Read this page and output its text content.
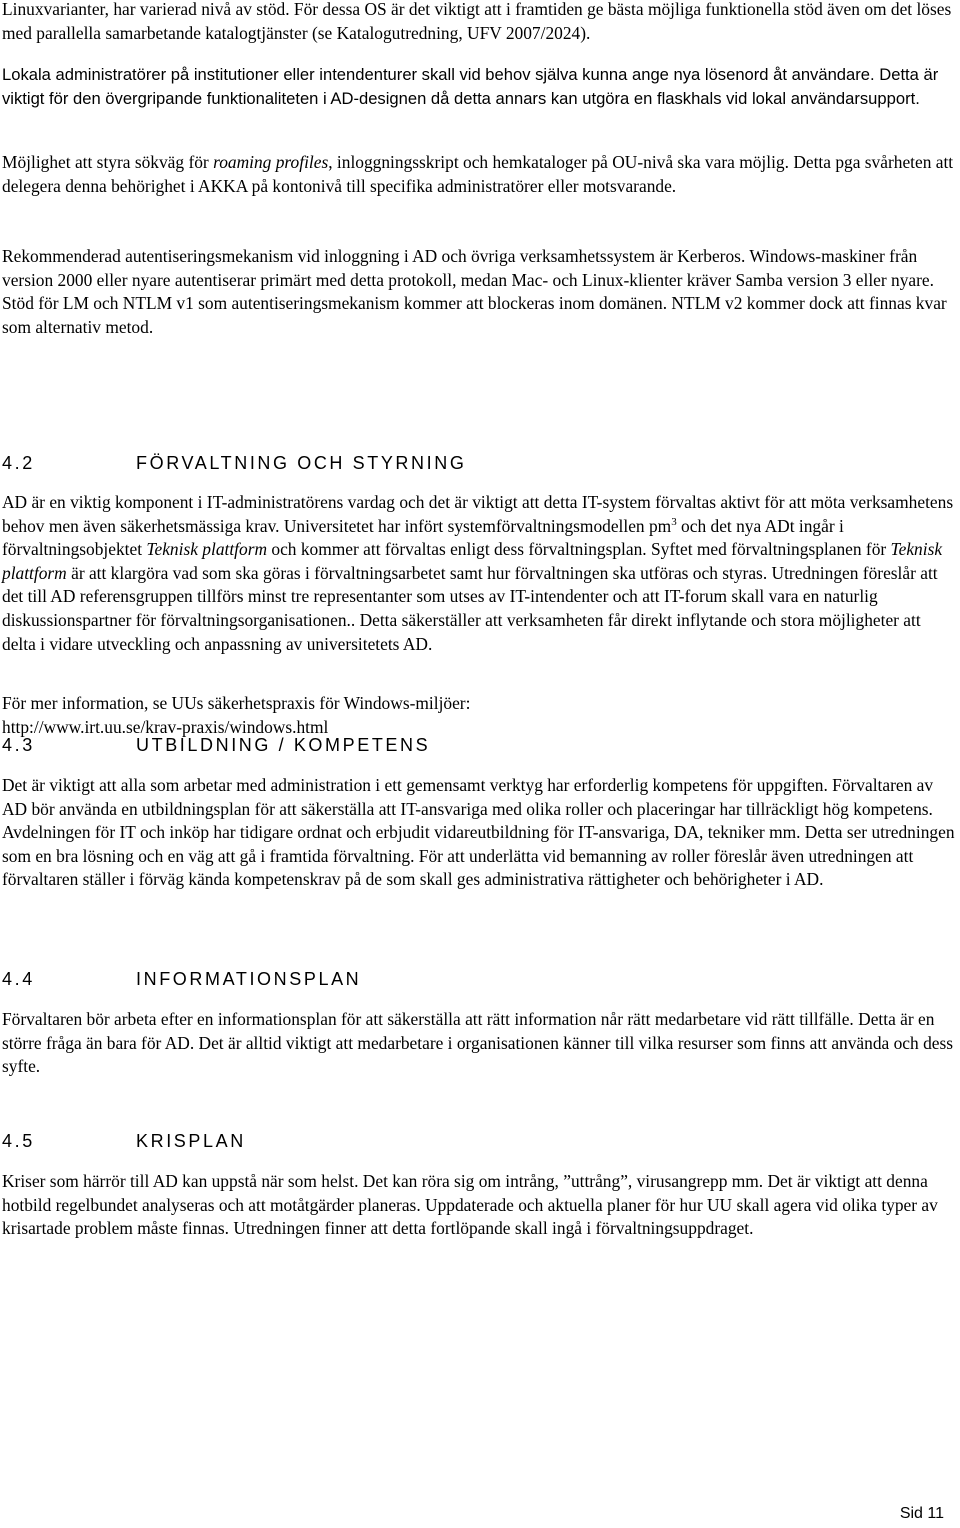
Linuxvarianter, har varierad nivå av stöd. För dessa OS är det viktigt att i framtiden ge bästa möjliga funktionella stöd även om det löses med parallella samarbetande katalogtjänster (se Katalogutredning, UFV 2007/2024).

Lokala administratörer på institutioner eller intendenturer skall vid behov själva kunna ange nya lösenord åt användare. Detta är viktigt för den övergripande funktionaliteten i AD-designen då detta annars kan utgöra en flaskhals vid lokal användarsupport.

Möjlighet att styra sökväg för roaming profiles, inloggningsskript och hemkataloger på OU-nivå ska vara möjlig. Detta pga svårheten att delegera denna behörighet i AKKA på kontonivå till specifika administratörer eller motsvarande.

Rekommenderad autentiseringsmekanism vid inloggning i AD och övriga verksamhetssystem är Kerberos. Windows-maskiner från version 2000 eller nyare autentiserar primärt med detta protokoll, medan Mac- och Linux-klienter kräver Samba version 3 eller nyare. Stöd för LM och NTLM v1 som autentiseringsmekanism kommer att blockeras inom domänen. NTLM v2 kommer dock att finnas kvar som alternativ metod.

För mer information, se UUs säkerhetspraxis för Windows-miljöer:
http://www.irt.uu.se/krav-praxis/windows.html

4.2	FÖRVALTNING OCH STYRNING

AD är en viktig komponent i IT-administratörens vardag och det är viktigt att detta IT-system förvaltas aktivt för att möta verksamhetens behov men även säkerhetsmässiga krav. Universitetet har infört systemförvaltningsmodellen $pm^3$ och det nya ADt ingår i förvaltningsobjektet Teknisk plattform och kommer att förvaltas enligt dess förvaltningsplan. Syftet med förvaltningsplanen för Teknisk plattform är att klargöra vad som ska göras i förvaltningsarbetet samt hur förvaltningen ska utföras och styras. Utredningen föreslår att det till AD referensgruppen tillförs minst tre representanter som utses av IT-intendenter och att IT-forum skall vara en naturlig diskussionspartner för förvaltningsorganisationen.. Detta säkerställer att verksamheten får direkt inflytande och stora möjligheter att delta i vidare utveckling och anpassning av universitetets AD.

4.3	UTBILDNING / KOMPETENS

Det är viktigt att alla som arbetar med administration i ett gemensamt verktyg har erforderlig kompetens för uppgiften. Förvaltaren av AD bör använda en utbildningsplan för att säkerställa att IT-ansvariga med olika roller och placeringar har tillräckligt hög kompetens. Avdelningen för IT och inköp har tidigare ordnat och erbjudit vidareutbildning för IT-ansvariga, DA, tekniker mm. Detta ser utredningen som en bra lösning och en väg att gå i framtida förvaltning. För att underlätta vid bemanning av roller föreslår även utredningen att förvaltaren ställer i förväg kända kompetenskrav på de som skall ges administrativa rättigheter och behörigheter i AD.

4.4	INFORMATIONSPLAN

Förvaltaren bör arbeta efter en informationsplan för att säkerställa att rätt information når rätt medarbetare vid rätt tillfälle. Detta är en större fråga än bara för AD. Det är alltid viktigt att medarbetare i organisationen känner till vilka resurser som finns att använda och dess syfte.

4.5	KRISPLAN

Kriser som härrör till AD kan uppstå när som helst. Det kan röra sig om intrång, ”uttrång”, virusangrepp mm. Det är viktigt att denna hotbild regelbundet analyseras och att motåtgärder planeras. Uppdaterade och aktuella planer för hur UU skall agera vid olika typer av krisartade problem måste finnas. Utredningen finner att detta fortlöpande skall ingå i förvaltningsuppdraget.

Sid 11
